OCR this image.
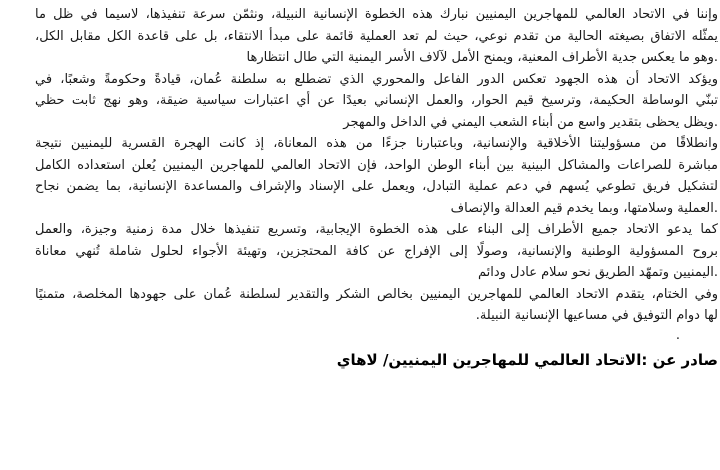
وإننا في الاتحاد العالمي للمهاجرين اليمنيين نبارك هذه الخطوة الإنسانية النبيلة، ونثمّن سرعة تنفيذها، لاسيما في ظل ما
يمثّله الاتفاق بصيغته الحالية من تقدم نوعي، حيث لم تعد العملية قائمة على مبدأ الانتقاء، بل على قاعدة الكل مقابل الكل،
.وهو ما يعكس جدية الأطراف المعنية، ويمنح الأمل لآلاف الأسر اليمنية التي طال انتظارها
ويؤكد الاتحاد أن هذه الجهود تعكس الدور الفاعل والمحوري الذي تضطلع به سلطنة عُمان، قيادةً وحكومةً وشعبًا، في
تبنّي الوساطة الحكيمة، وترسيخ قيم الحوار، والعمل الإنساني بعيدًا عن أي اعتبارات سياسية ضيقة، وهو نهج ثابت حظي
.ويظل يحظى بتقدير واسع من أبناء الشعب اليمني في الداخل والمهجر
وانطلاقًا من مسؤوليتنا الأخلاقية والإنسانية، وباعتبارنا جزءًا من هذه المعاناة، إذ كانت الهجرة القسرية لليمنيين نتيجة
مباشرة للصراعات والمشاكل البينية بين أبناء الوطن الواحد، فإن الاتحاد العالمي للمهاجرين اليمنيين يُعلن استعداده الكامل
لتشكيل فريق تطوعي يُسهم في دعم عملية التبادل، ويعمل على الإسناد والإشراف والمساعدة الإنسانية، بما يضمن نجاح
.العملية وسلامتها، وبما يخدم قيم العدالة والإنصاف
كما يدعو الاتحاد جميع الأطراف إلى البناء على هذه الخطوة الإيجابية، وتسريع تنفيذها خلال مدة زمنية وجيزة، والعمل
بروح المسؤولية الوطنية والإنسانية، وصولًا إلى الإفراج عن كافة المحتجزين، وتهيئة الأجواء لحلول شاملة تُنهي معاناة
.اليمنيين وتمهّد الطريق نحو سلام عادل ودائم
وفي الختام، يتقدم الاتحاد العالمي للمهاجرين اليمنيين بخالص الشكر والتقدير لسلطنة عُمان على جهودها المخلصة، متمنيًا
لها دوام التوفيق في مساعيها الإنسانية النبيلة.
.
صادر عن :الاتحاد العالمي للمهاجرين اليمنيين/ لاهاي
